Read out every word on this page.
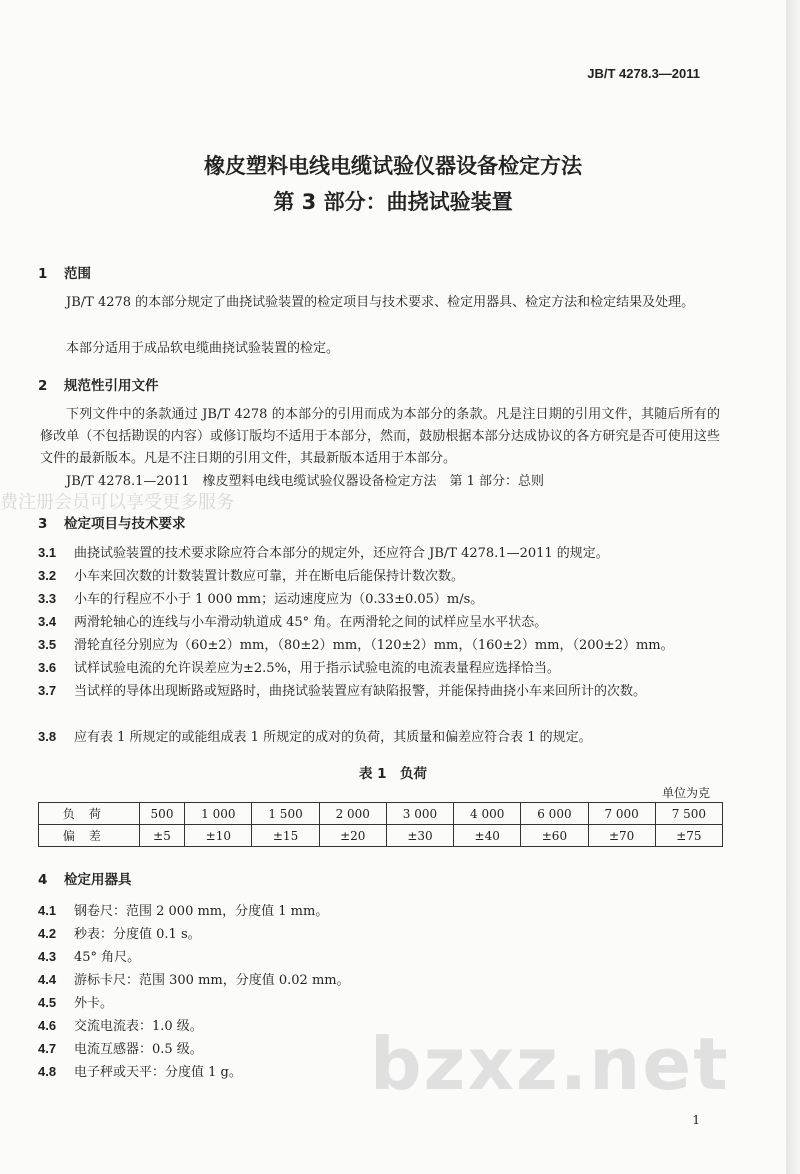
JB/T 4278.3—2011
橡皮塑料电线电缆试验仪器设备检定方法
第 3 部分：曲挠试验装置
1 范围
JB/T 4278 的本部分规定了曲挠试验装置的检定项目与技术要求、检定用器具、检定方法和检定结果及处理。
本部分适用于成品软电缆曲挠试验装置的检定。
2 规范性引用文件
下列文件中的条款通过 JB/T 4278 的本部分的引用而成为本部分的条款。凡是注日期的引用文件，其随后所有的修改单（不包括勘误的内容）或修订版均不适用于本部分，然而，鼓励根据本部分达成协议的各方研究是否可使用这些文件的最新版本。凡是不注日期的引用文件，其最新版本适用于本部分。
JB/T 4278.1—2011　橡皮塑料电线电缆试验仪器设备检定方法　第 1 部分：总则
费注册会员可以享受更多服务
3 检定项目与技术要求
3.1 曲挠试验装置的技术要求除应符合本部分的规定外，还应符合 JB/T 4278.1—2011 的规定。
3.2 小车来回次数的计数装置计数应可靠，并在断电后能保持计数次数。
3.3 小车的行程应不小于 1 000 mm；运动速度应为（0.33±0.05）m/s。
3.4 两滑轮轴心的连线与小车滑动轨道成 45° 角。在两滑轮之间的试样应呈水平状态。
3.5 滑轮直径分别应为（60±2）mm，（80±2）mm，（120±2）mm，（160±2）mm，（200±2）mm。
3.6 试样试验电流的允许误差应为±2.5%，用于指示试验电流的电流表量程应选择恰当。
3.7 当试样的导体出现断路或短路时，曲挠试验装置应有缺陷报警，并能保持曲挠小车来回所计的次数。
3.8 应有表 1 所规定的或能组成表 1 所规定的成对的负荷，其质量和偏差应符合表 1 的规定。
表 1　负荷
单位为克
负荷	500	1 000	1 500	2 000	3 000	4 000	6 000	7 000	7 500
偏差	±5	±10	±15	±20	±30	±40	±60	±70	±75
4 检定用器具
4.1 钢卷尺：范围 2 000 mm，分度值 1 mm。
4.2 秒表：分度值 0.1 s。
4.3 45° 角尺。
4.4 游标卡尺：范围 300 mm，分度值 0.02 mm。
4.5 外卡。
4.6 交流电流表：1.0 级。
4.7 电流互感器：0.5 级。
4.8 电子秤或天平：分度值 1 g。	bzxz.net
1
